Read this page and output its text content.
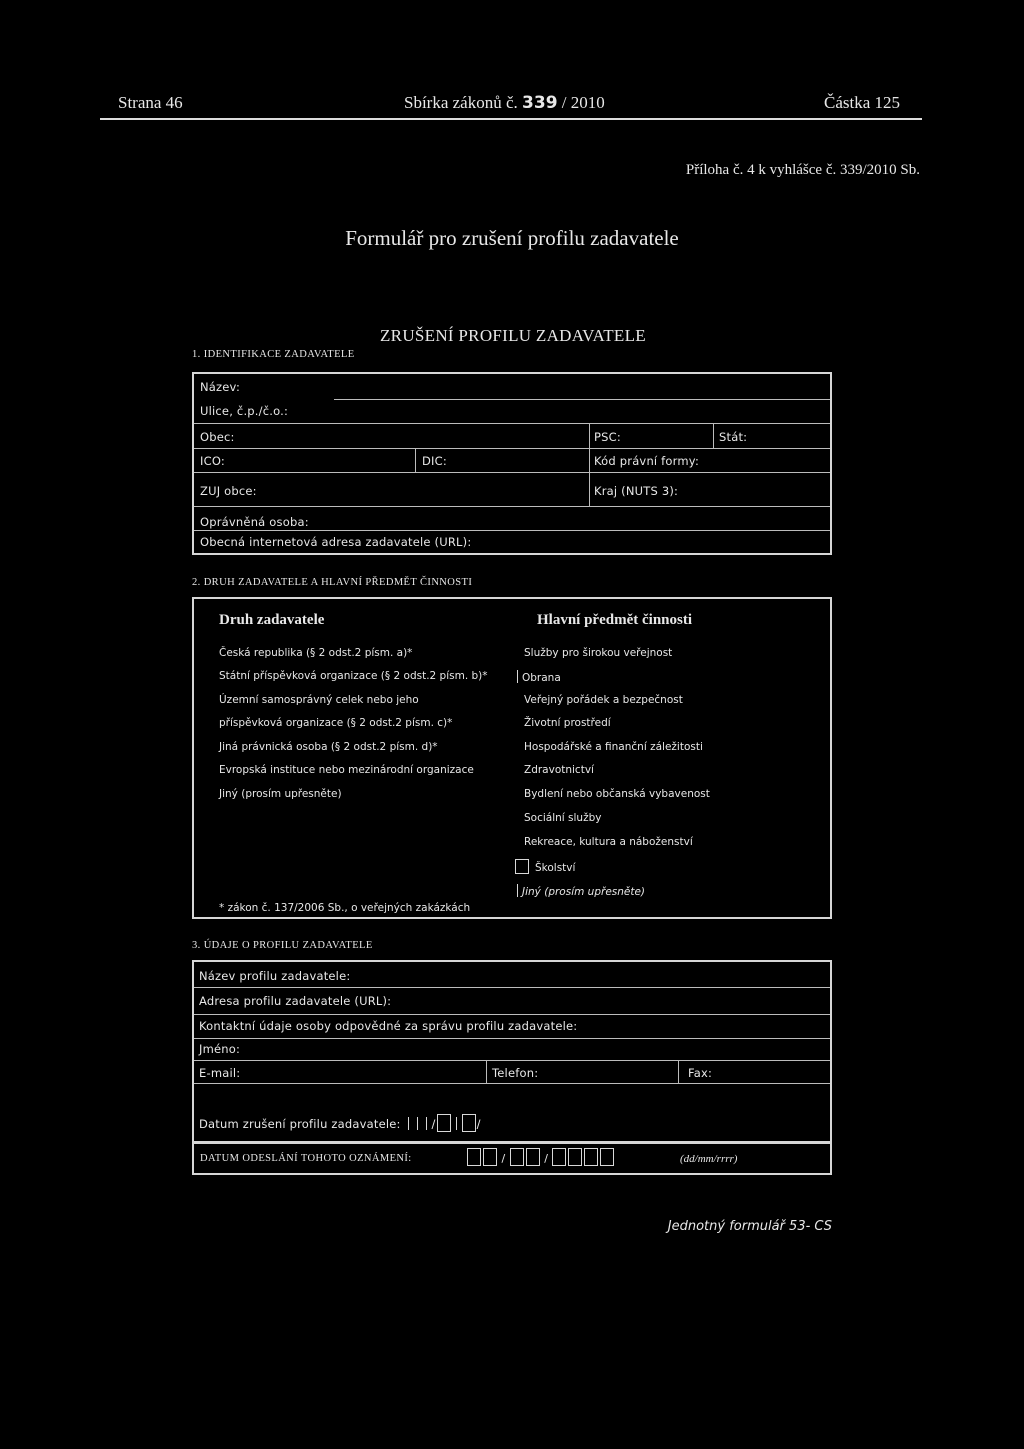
Strana 46	Sbírka zákonů č. 339 / 2010	Částka 125
Příloha č. 4 k vyhlášce č. 339/2010 Sb.
Formulář pro zrušení profilu zadavatele
ZRUŠENÍ PROFILU ZADAVATELE
1. IDENTIFIKACE ZADAVATELE
Název:
Ulice, č.p./č.o.:
Obec:	PSC:	Stát:
ICO:	DIC:	Kód právní formy:
ZUJ obce:	Kraj (NUTS 3):
Oprávněná osoba:
Obecná internetová adresa zadavatele (URL):
2. DRUH ZADAVATELE A HLAVNÍ PŘEDMĚT ČINNOSTI
Druh zadavatele	Hlavní předmět činnosti
Česká republika (§ 2 odst.2 písm. a)*
Státní příspěvková organizace (§ 2 odst.2 písm. b)*
Územní samosprávný celek nebo jeho
příspěvková organizace (§ 2 odst.2 písm. c)*
Jiná právnická osoba (§ 2 odst.2 písm. d)*
Evropská instituce nebo mezinárodní organizace
Jiný (prosím upřesněte)
* zákon č. 137/2006 Sb., o veřejných zakázkách
Služby pro širokou veřejnost
Obrana
Veřejný pořádek a bezpečnost
Životní prostředí
Hospodářské a finanční záležitosti
Zdravotnictví
Bydlení nebo občanská vybavenost
Sociální služby
Rekreace, kultura a náboženství
Školství
Jiný (prosím upřesněte)
3. ÚDAJE O PROFILU ZADAVATELE
Název profilu zadavatele:
Adresa profilu zadavatele (URL):
Kontaktní údaje osoby odpovědné za správu profilu zadavatele:
Jméno:
E-mail:	Telefon:	Fax:
Datum zrušení profilu zadavatele:	/	/
DATUM ODESLÁNÍ TOHOTO OZNÁMENÍ:	/	/	(dd/mm/rrrr)
Jednotný formulář 53- CS
